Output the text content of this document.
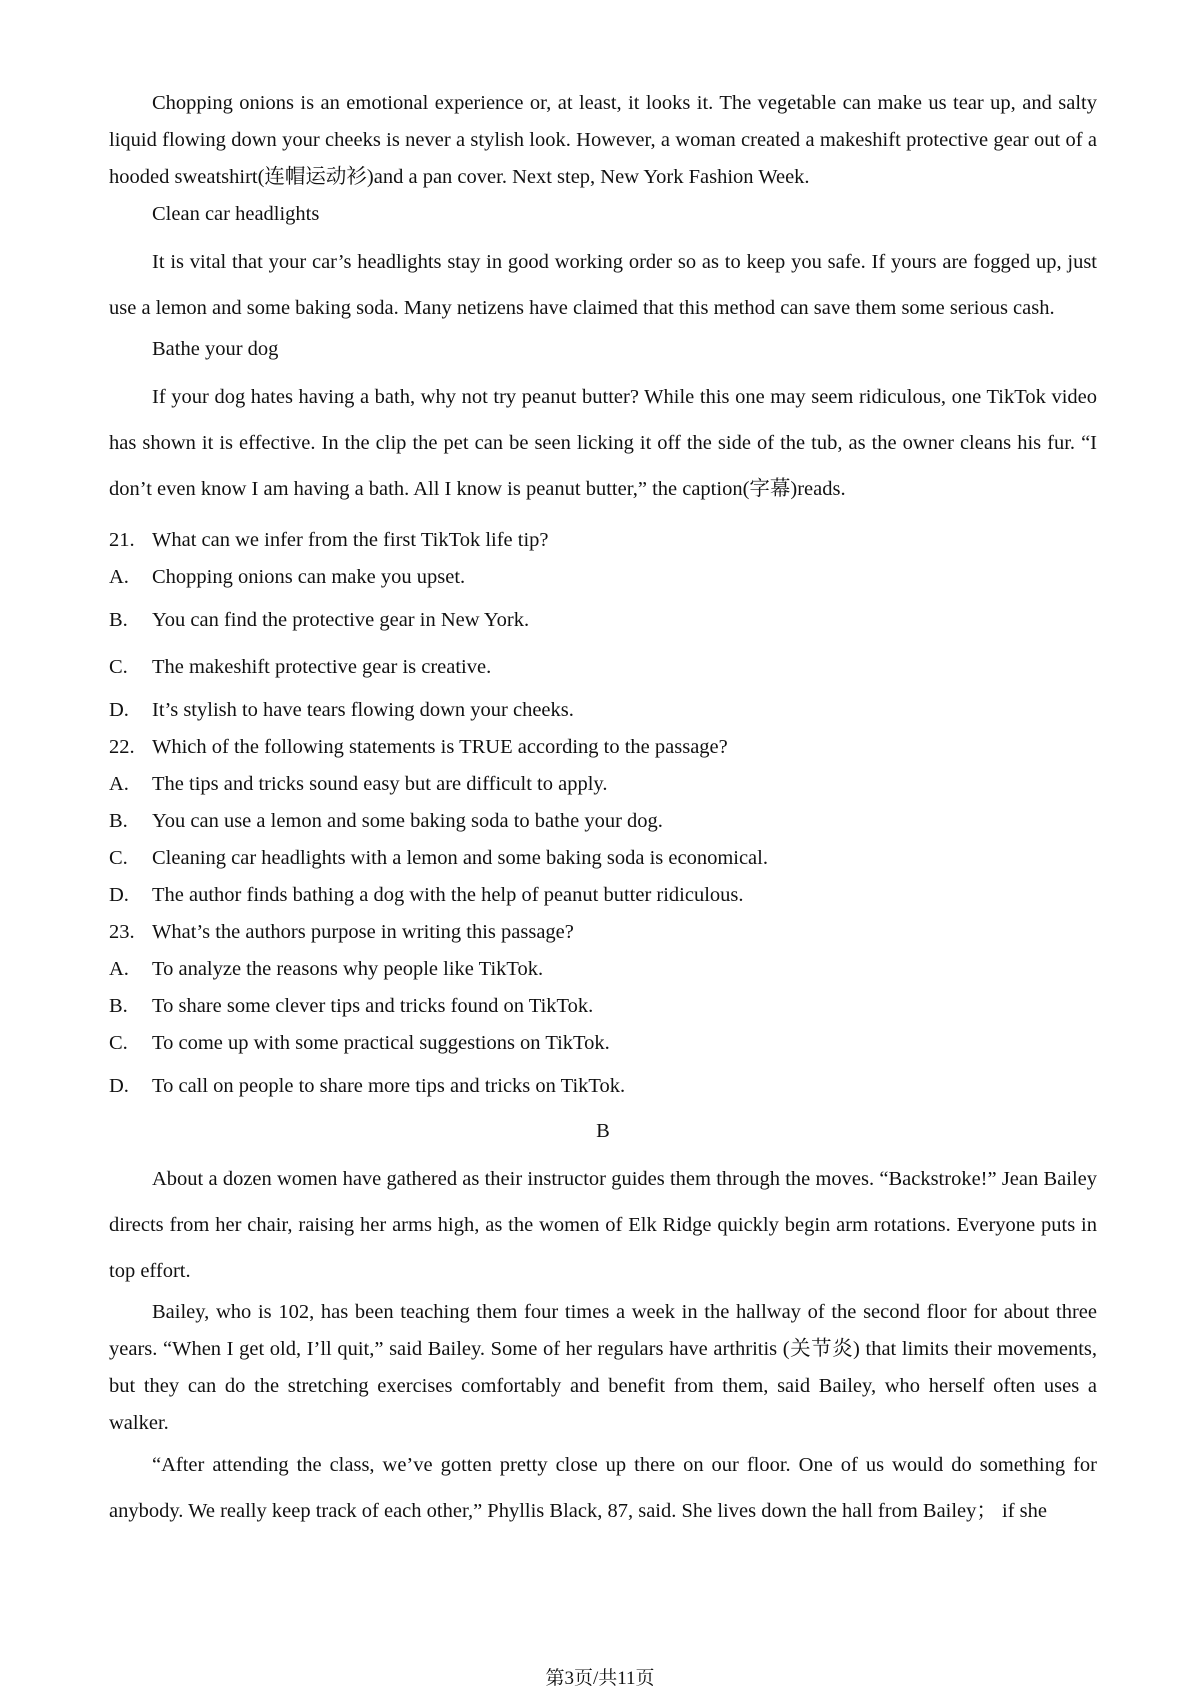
Chopping onions is an emotional experience or, at least, it looks it. The vegetable can make us tear up, and salty liquid flowing down your cheeks is never a stylish look. However, a woman created a makeshift protective gear out of a hooded sweatshirt(连帽运动衫)and a pan cover. Next step, New York Fashion Week.

Clean car headlights

It is vital that your car’s headlights stay in good working order so as to keep you safe. If yours are fogged up, just use a lemon and some baking soda. Many netizens have claimed that this method can save them some serious cash.

Bathe your dog

If your dog hates having a bath, why not try peanut butter? While this one may seem ridiculous, one TikTok video has shown it is effective. In the clip the pet can be seen licking it off the side of the tub, as the owner cleans his fur. “I don’t even know I am having a bath. All I know is peanut butter,” the caption(字幕)reads.

21. What can we infer from the first TikTok life tip?
A.	Chopping onions can make you upset.
B.	You can find the protective gear in New York.
C.	The makeshift protective gear is creative.
D.	It’s stylish to have tears flowing down your cheeks.
22. Which of the following statements is TRUE according to the passage?
A.	The tips and tricks sound easy but are difficult to apply.
B.	You can use a lemon and some baking soda to bathe your dog.
C.	Cleaning car headlights with a lemon and some baking soda is economical.
D.	The author finds bathing a dog with the help of peanut butter ridiculous.
23. What’s the authors purpose in writing this passage?
A.	To analyze the reasons why people like TikTok.
B.	To share some clever tips and tricks found on TikTok.
C.	To come up with some practical suggestions on TikTok.
D.	To call on people to share more tips and tricks on TikTok.
B

About a dozen women have gathered as their instructor guides them through the moves. “Backstroke!” Jean Bailey directs from her chair, raising her arms high, as the women of Elk Ridge quickly begin arm rotations. Everyone puts in top effort.

Bailey, who is 102, has been teaching them four times a week in the hallway of the second floor for about three years. “When I get old, I’ll quit,” said Bailey. Some of her regulars have arthritis (关节炎) that limits their movements, but they can do the stretching exercises comfortably and benefit from them, said Bailey, who herself often uses a walker.

“After attending the class, we’ve gotten pretty close up there on our floor. One of us would do something for anybody. We really keep track of each other,” Phyllis Black, 87, said. She lives down the hall from Bailey； if she

第3页/共11页
